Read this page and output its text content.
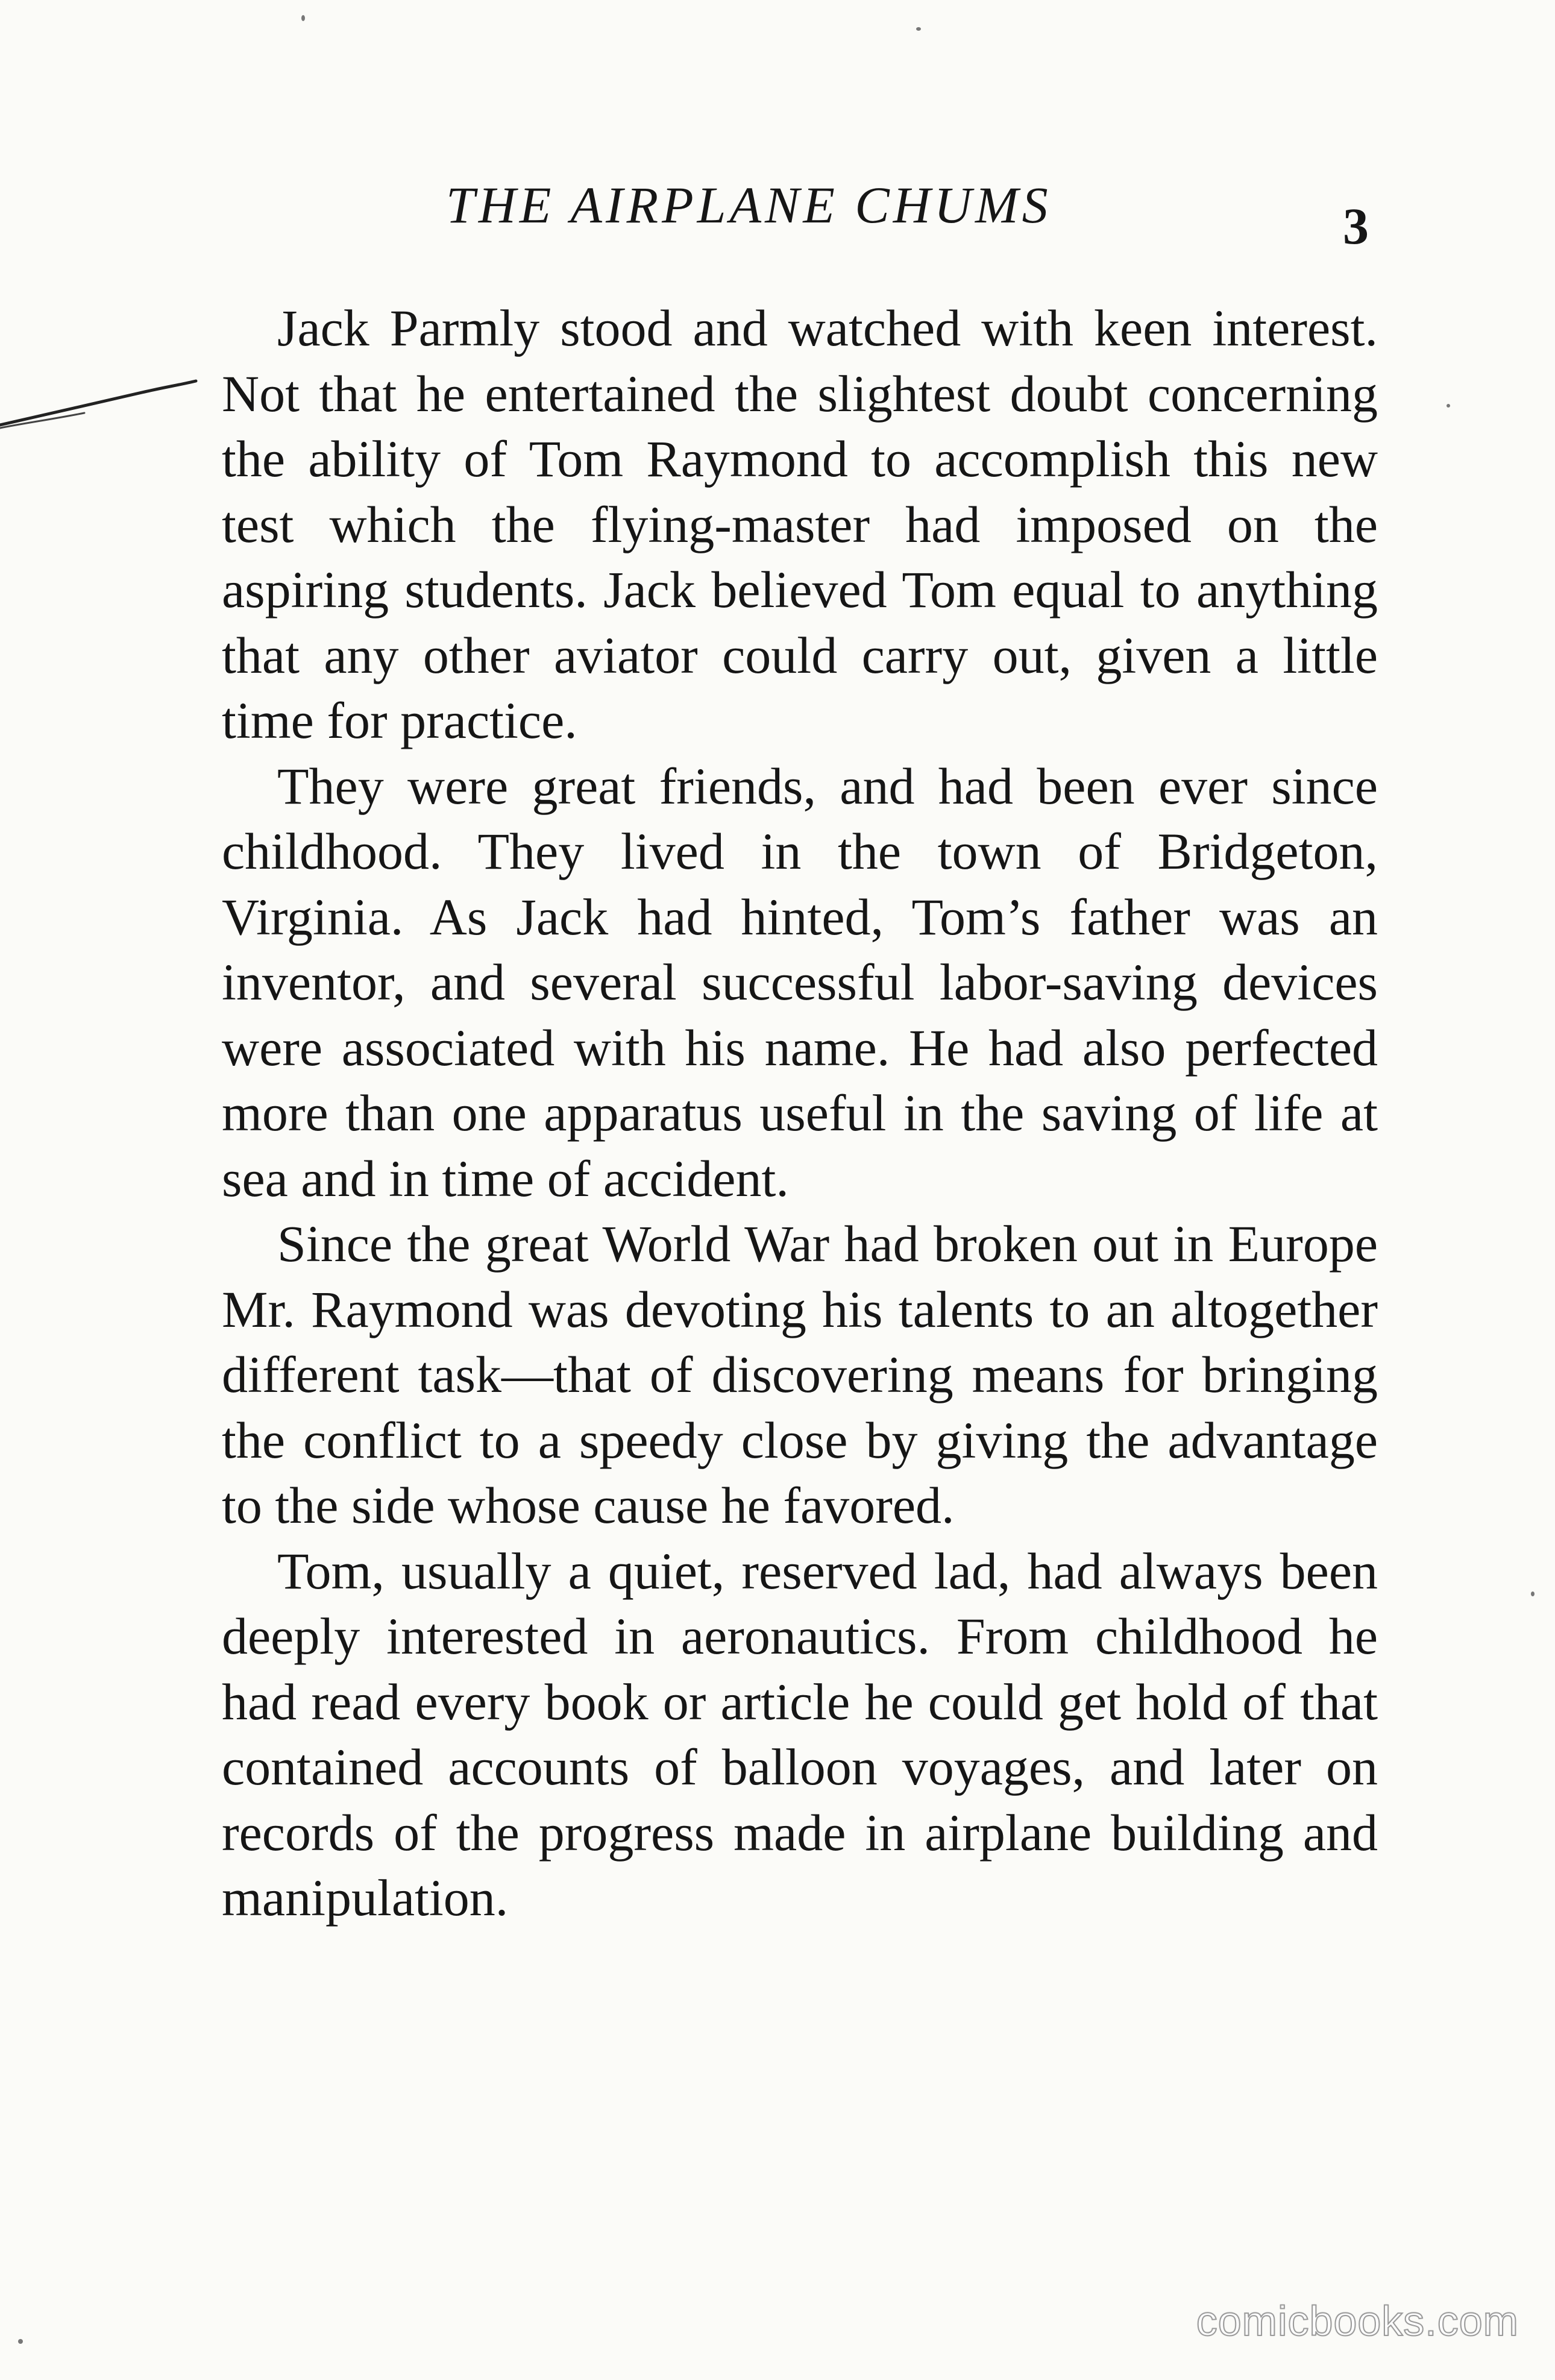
THE AIRPLANE CHUMS	3

Jack Parmly stood and watched with keen interest. Not that he entertained the slightest doubt concerning the ability of Tom Raymond to accomplish this new test which the flying-master had imposed on the aspiring students. Jack believed Tom equal to anything that any other aviator could carry out, given a little time for practice.

They were great friends, and had been ever since childhood. They lived in the town of Bridgeton, Virginia. As Jack had hinted, Tom’s father was an inventor, and several successful labor-saving devices were associated with his name. He had also perfected more than one apparatus useful in the saving of life at sea and in time of accident.

Since the great World War had broken out in Europe Mr. Raymond was devoting his talents to an altogether different task—that of discovering means for bringing the conflict to a speedy close by giving the advantage to the side whose cause he favored.

Tom, usually a quiet, reserved lad, had always been deeply interested in aeronautics. From childhood he had read every book or article he could get hold of that contained accounts of balloon voyages, and later on records of the progress made in airplane building and manipulation.

comicbooks.com
